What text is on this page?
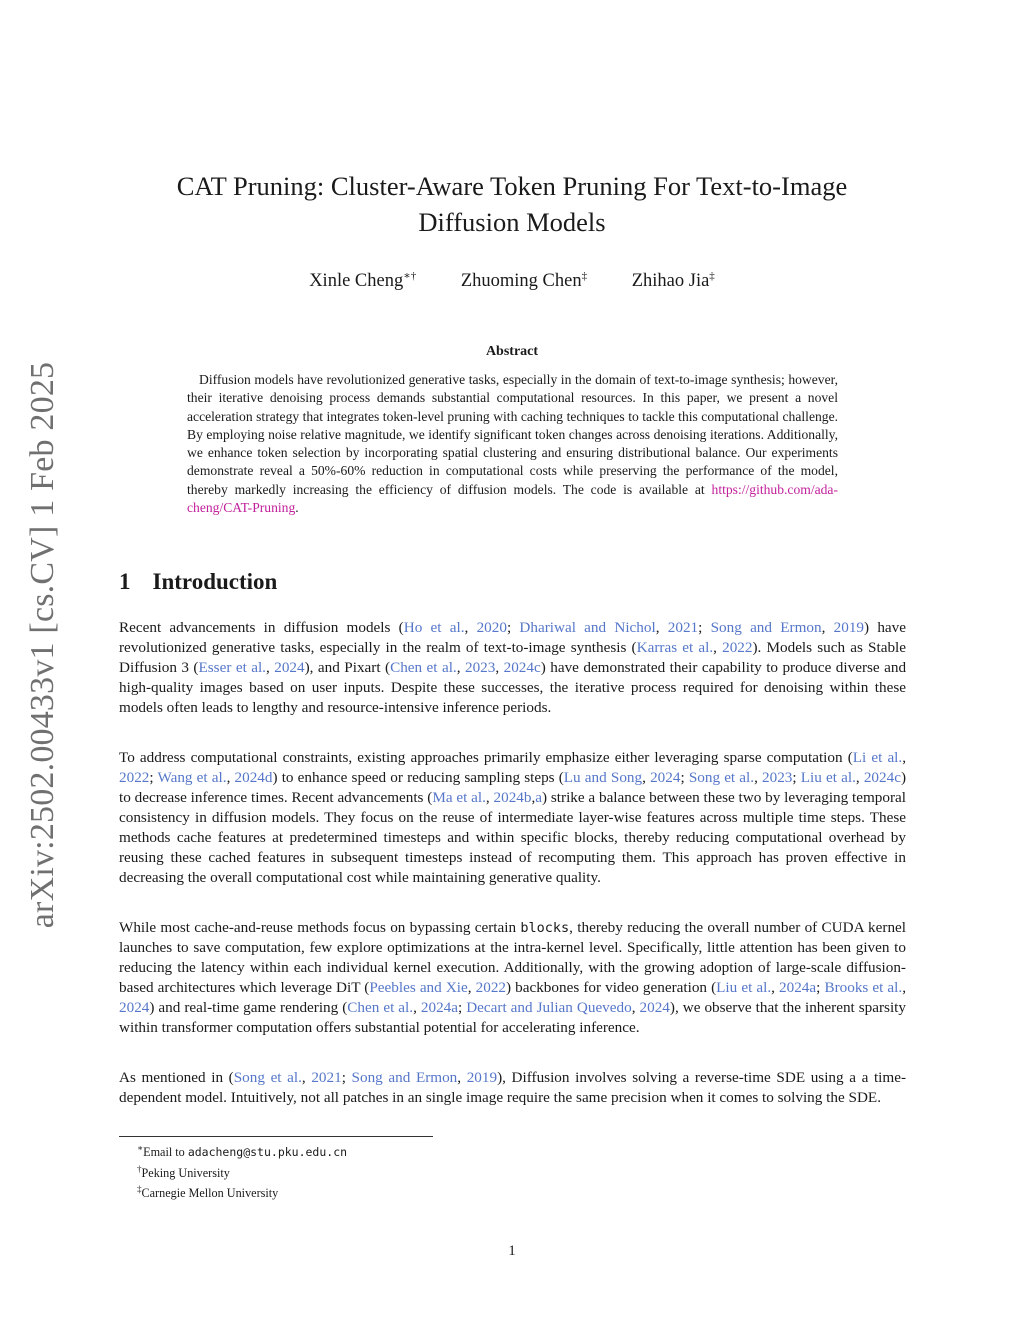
arXiv:2502.00433v1 [cs.CV] 1 Feb 2025
CAT Pruning: Cluster-Aware Token Pruning For Text-to-Image
Diffusion Models
Xinle Cheng∗† Zhuoming Chen‡ Zhihao Jia‡
Abstract
Diffusion models have revolutionized generative tasks, especially in the domain of text-to-image synthesis; however, their iterative denoising process demands substantial computational resources. In this paper, we present a novel acceleration strategy that integrates token-level pruning with caching techniques to tackle this computational challenge. By employing noise relative magnitude, we identify significant token changes across denoising iterations. Additionally, we enhance token selection by incorporating spatial clustering and ensuring distributional balance. Our experiments demonstrate reveal a 50%-60% reduction in computational costs while preserving the performance of the model, thereby markedly increasing the efficiency of diffusion models. The code is available at https://github.com/ada-cheng/CAT-Pruning.
1 Introduction
Recent advancements in diffusion models (Ho et al., 2020; Dhariwal and Nichol, 2021; Song and Ermon, 2019) have revolutionized generative tasks, especially in the realm of text-to-image synthesis (Karras et al., 2022). Models such as Stable Diffusion 3 (Esser et al., 2024), and Pixart (Chen et al., 2023, 2024c) have demonstrated their capability to produce diverse and high-quality images based on user inputs. Despite these successes, the iterative process required for denoising within these models often leads to lengthy and resource-intensive inference periods.
To address computational constraints, existing approaches primarily emphasize either leveraging sparse computation (Li et al., 2022; Wang et al., 2024d) to enhance speed or reducing sampling steps (Lu and Song, 2024; Song et al., 2023; Liu et al., 2024c) to decrease inference times. Recent advancements (Ma et al., 2024b,a) strike a balance between these two by leveraging temporal consistency in diffusion models. They focus on the reuse of intermediate layer-wise features across multiple time steps. These methods cache features at predetermined timesteps and within specific blocks, thereby reducing computational overhead by reusing these cached features in subsequent timesteps instead of recomputing them. This approach has proven effective in decreasing the overall computational cost while maintaining generative quality.
While most cache-and-reuse methods focus on bypassing certain blocks, thereby reducing the overall number of CUDA kernel launches to save computation, few explore optimizations at the intra-kernel level. Specifically, little attention has been given to reducing the latency within each individual kernel execution. Additionally, with the growing adoption of large-scale diffusion-based architectures which leverage DiT (Peebles and Xie, 2022) backbones for video generation (Liu et al., 2024a; Brooks et al., 2024) and real-time game rendering (Chen et al., 2024a; Decart and Julian Quevedo, 2024), we observe that the inherent sparsity within transformer computation offers substantial potential for accelerating inference.
As mentioned in (Song et al., 2021; Song and Ermon, 2019), Diffusion involves solving a reverse-time SDE using a a time-dependent model. Intuitively, not all patches in an single image require the same precision when it comes to solving the SDE.
∗Email to adacheng@stu.pku.edu.cn
†Peking University
‡Carnegie Mellon University
1
